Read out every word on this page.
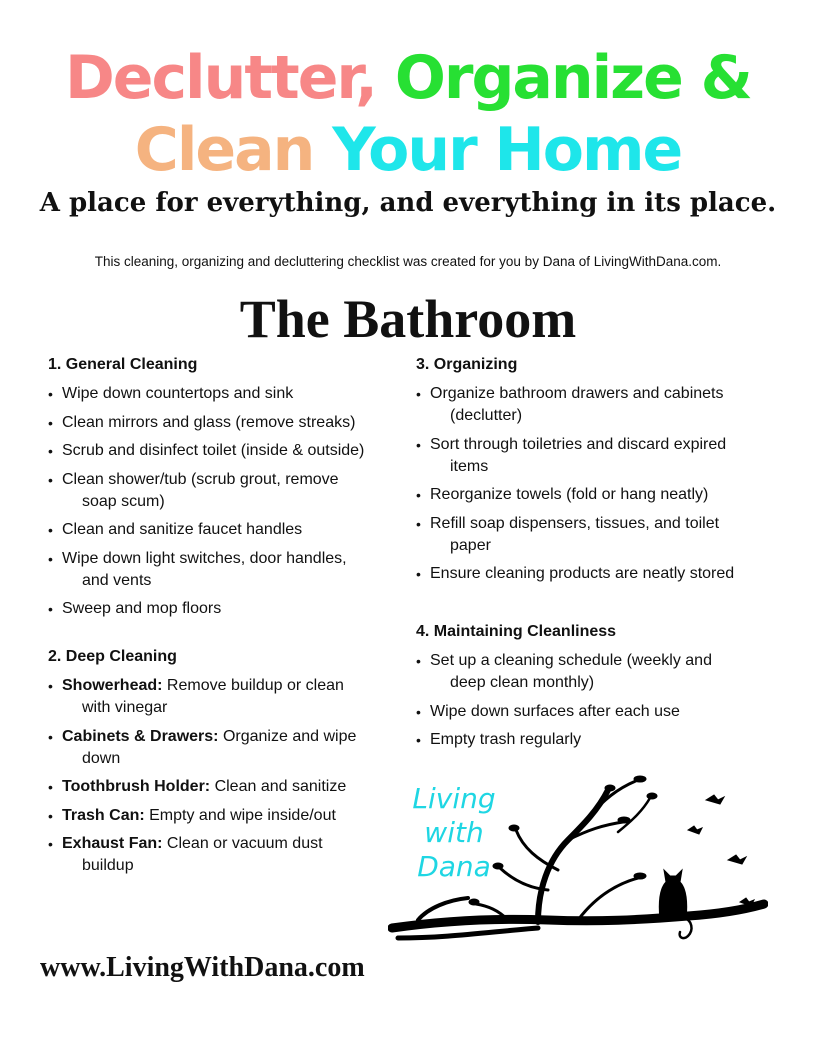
Declutter, Organize &
Clean Your Home
A place for everything, and everything in its place.
This cleaning, organizing and decluttering checklist was created for you by Dana of LivingWithDana.com.
The Bathroom
1. General Cleaning
• Wipe down countertops and sink
• Clean mirrors and glass (remove streaks)
• Scrub and disinfect toilet (inside & outside)
• Clean shower/tub (scrub grout, remove
soap scum)
• Clean and sanitize faucet handles
• Wipe down light switches, door handles,
and vents
• Sweep and mop floors
2. Deep Cleaning
• Showerhead: Remove buildup or clean
with vinegar
• Cabinets & Drawers: Organize and wipe
down
• Toothbrush Holder: Clean and sanitize
• Trash Can: Empty and wipe inside/out
• Exhaust Fan: Clean or vacuum dust
buildup
3. Organizing
• Organize bathroom drawers and cabinets
(declutter)
• Sort through toiletries and discard expired
items
• Reorganize towels (fold or hang neatly)
• Refill soap dispensers, tissues, and toilet
paper
• Ensure cleaning products are neatly stored
4. Maintaining Cleanliness
• Set up a cleaning schedule (weekly and
deep clean monthly)
• Wipe down surfaces after each use
• Empty trash regularly
Living
with
Dana
www.LivingWithDana.com
